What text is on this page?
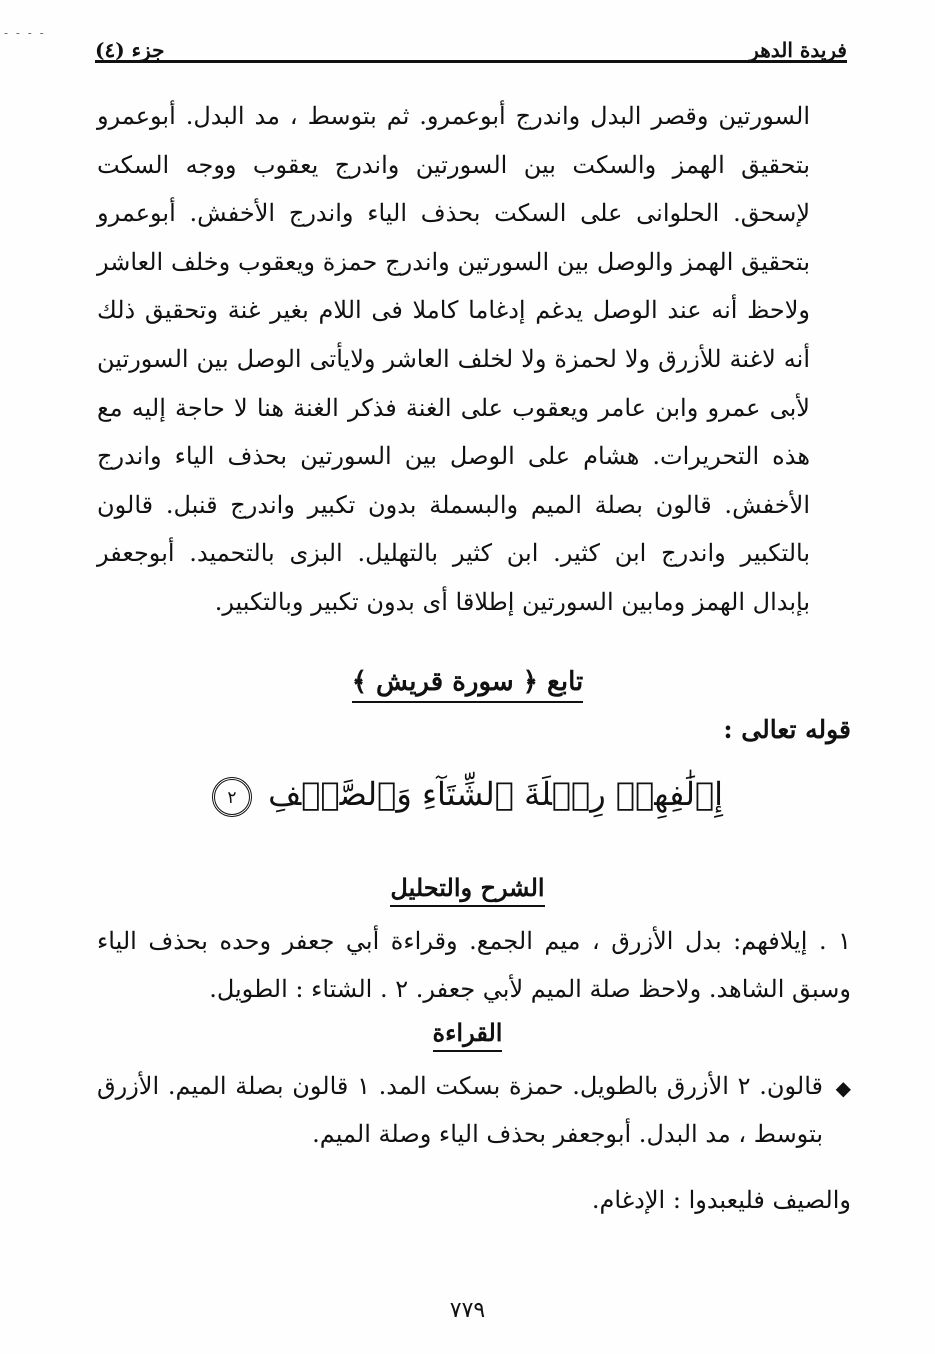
- - - -
فريدة الدهر
جزء (٤)

السورتين وقصر البدل واندرج أبوعمرو. ثم بتوسط ، مد البدل. أبوعمرو بتحقيق الهمز والسكت بين السورتين واندرج يعقوب ووجه السكت لإسحق. الحلوانى على السكت بحذف الياء واندرج الأخفش. أبوعمرو بتحقيق الهمز والوصل بين السورتين واندرج حمزة ويعقوب وخلف العاشر ولاحظ أنه عند الوصل يدغم إدغاما كاملا فى اللام بغير غنة وتحقيق ذلك أنه لاغنة للأزرق ولا لحمزة ولا لخلف العاشر ولايأتى الوصل بين السورتين لأبى عمرو وابن عامر ويعقوب على الغنة فذكر الغنة هنا لا حاجة إليه مع هذه التحريرات. هشام على الوصل بين السورتين بحذف الياء واندرج الأخفش. قالون بصلة الميم والبسملة بدون تكبير واندرج قنبل. قالون بالتكبير واندرج ابن كثير. ابن كثير بالتهليل. البزى بالتحميد. أبوجعفر بإبدال الهمز ومابين السورتين إطلاقا أى بدون تكبير وبالتكبير.

تابع ﴿ سورة قريش ﴾
قوله تعالى :
إِۦلَٰفِهِمۡ رِحۡلَةَ ٱلشِّتَآءِ وَٱلصَّيۡفِ ٢
الشرح والتحليل

١ . إيلافهم: بدل الأزرق ، ميم الجمع. وقراءة أبي جعفر وحده بحذف الياء وسبق الشاهد. ولاحظ صلة الميم لأبي جعفر. ٢ . الشتاء : الطويل.

القراءة
◆

قالون. ٢ الأزرق بالطويل. حمزة بسكت المد. ١ قالون بصلة الميم. الأزرق بتوسط ، مد البدل. أبوجعفر بحذف الياء وصلة الميم.

والصيف فليعبدوا : الإدغام.
٧٧٩
